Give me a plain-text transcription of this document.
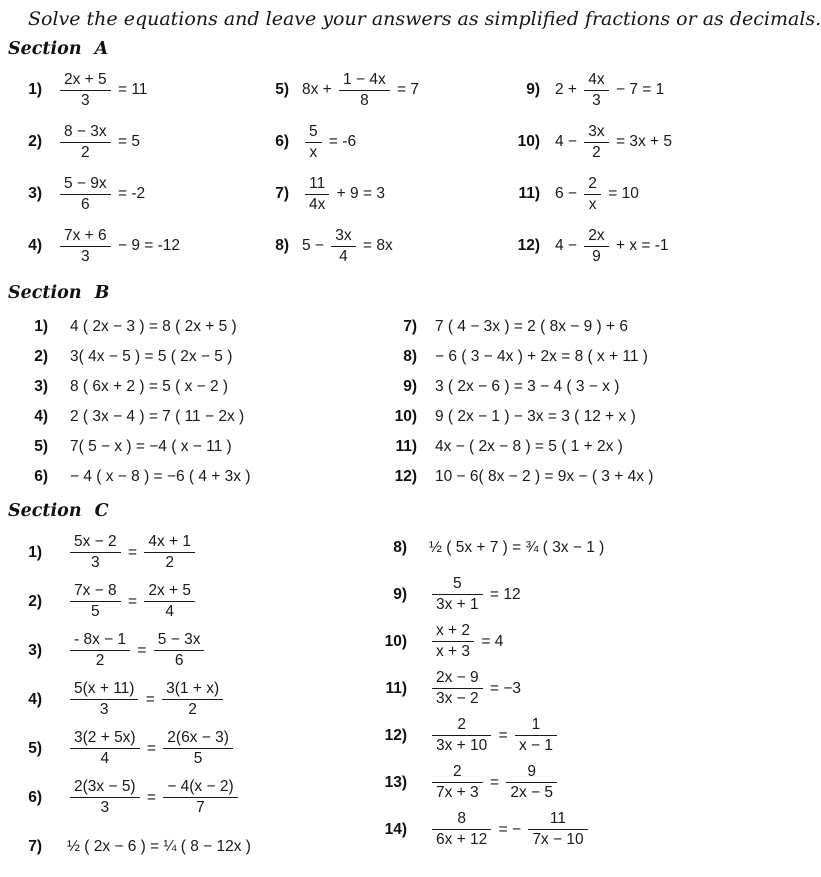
Solve the equations and leave your answers as simplified fractions or as decimals.
Section A
$1) \frac{2x + 5}{3} = 11$
$2) \frac{8 - 3x}{2} = 5$
$3) \frac{5 - 9x}{6} = -2$
$4) \frac{7x + 6}{3} - 9 = -12$
5) $8x + \frac{1 - 4x}{8} = 7$
$6) \frac{5}{x} = -6$
$7) \frac{11}{4x} + 9 = 3$
8) $5 - \frac{3x}{4} = 8x$
9) $2 + \frac{4x}{3} - 7 = 1$
10) $4 - \frac{3x}{2} = 3x + 5$
11) $6 - \frac{2}{x} = 10$
12) $4 - \frac{2x}{9} + x = -1$
Section B
1) 4 ( 2x − 3 ) = 8 ( 2x + 5 )
2) 3( 4x − 5 ) = 5 ( 2x − 5 )
3) 8 ( 6x + 2 ) = 5 ( x − 2 )
4) 2 ( 3x − 4 ) = 7 ( 11 − 2x )
5) 7( 5 − x ) = −4 ( x − 11 )
6) − 4 ( x − 8 ) = −6 ( 4 + 3x )
7) 7 ( 4 − 3x ) = 2 ( 8x − 9 ) + 6
8) − 6 ( 3 − 4x ) + 2x = 8 ( x + 11 )
9) 3 ( 2x − 6 ) = 3 − 4 ( 3 − x )
10) 9 ( 2x − 1 ) − 3x = 3 ( 12 + x )
11) 4x − ( 2x − 8 ) = 5 ( 1 + 2x )
12) 10 − 6( 8x − 2 ) = 9x − ( 3 + 4x )
Section C
$1) \frac{5x - 2}{3} = \frac{4x + 1}{2}$
$2) \frac{7x - 8}{5} = \frac{2x + 5}{4}$
$3) \frac{- 8x - 1}{2} = \frac{5 - 3x}{6}$
$4) \frac{5(x + 11)}{3} = \frac{3(1 + x)}{2}$
$5) \frac{3(2 + 5x)}{4} = \frac{2(6x - 3)}{5}$
$6) \frac{2(3x - 5)}{3} = \frac{- 4(x - 2)}{7}$
7) ½ ( 2x − 6 ) = ¼ ( 8 − 12x )
8) ½ ( 5x + 7 ) = ¾ ( 3x − 1 )
$9) \frac{5}{3x + 1} = 12$
$10) \frac{x + 2}{x + 3} = 4$
$11) \frac{2x - 9}{3x - 2} = -3$
$12) \frac{2}{3x + 10} = \frac{1}{x - 1}$
$13) \frac{2}{7x + 3} = \frac{9}{2x - 5}$
$14) \frac{8}{6x + 12}$ = − $\frac{11}{7x - 10}$
